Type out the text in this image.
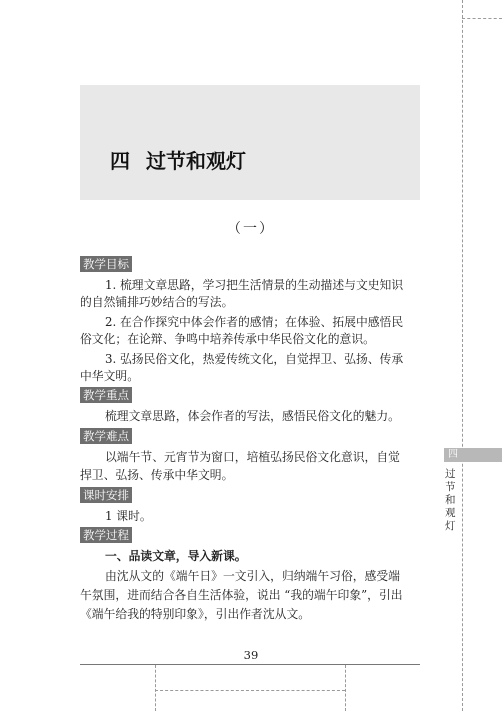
四 过节和观灯
（一）
教学目标
1. 梳理文章思路，学习把生活情景的生动描述与文史知识
的自然铺排巧妙结合的写法。
2. 在合作探究中体会作者的感情；在体验、拓展中感悟民
俗文化；在论辩、争鸣中培养传承中华民俗文化的意识。
3. 弘扬民俗文化，热爱传统文化，自觉捍卫、弘扬、传承
中华文明。
教学重点
梳理文章思路，体会作者的写法，感悟民俗文化的魅力。
教学难点
以端午节、元宵节为窗口，培植弘扬民俗文化意识，自觉
捍卫、弘扬、传承中华文明。
课时安排
1 课时。
教学过程
一、品读文章，导入新课。
由沈从文的《端午日》一文引入，归纳端午习俗，感受端
午氛围，进而结合各自生活体验，说出 “我的端午印象”，引出
《端午给我的特别印象》，引出作者沈从文。
四
过
节
和
观
灯
39
